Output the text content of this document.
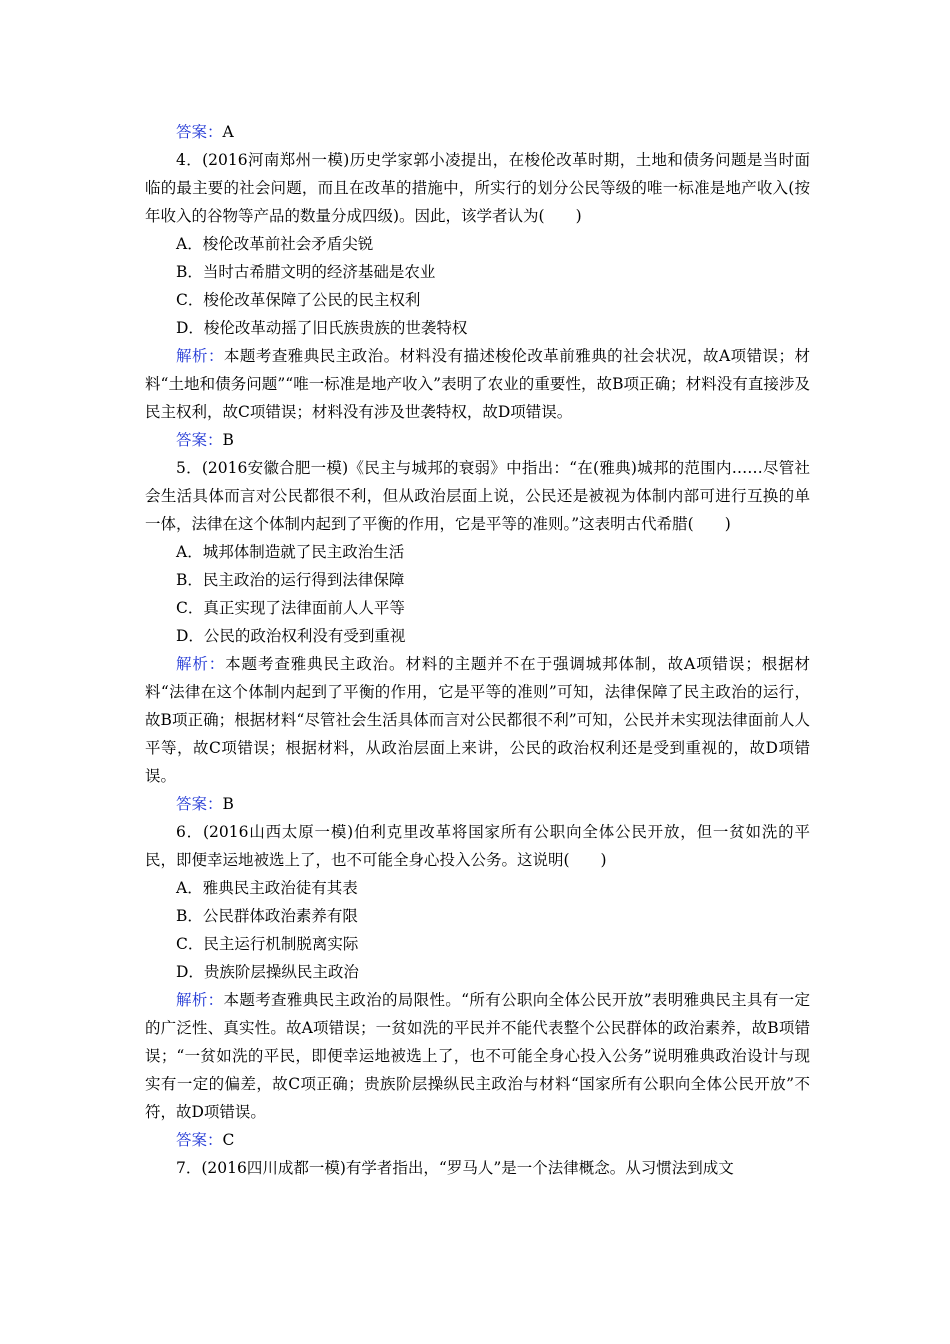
答案：A
4．(2016河南郑州一模)历史学家郭小凌提出，在梭伦改革时期，土地和债务问题是当时面临的最主要的社会问题，而且在改革的措施中，所实行的划分公民等级的唯一标准是地产收入(按年收入的谷物等产品的数量分成四级)。因此，该学者认为(　　)
A．梭伦改革前社会矛盾尖锐
B．当时古希腊文明的经济基础是农业
C．梭伦改革保障了公民的民主权利
D．梭伦改革动摇了旧氏族贵族的世袭特权
解析：本题考查雅典民主政治。材料没有描述梭伦改革前雅典的社会状况，故A项错误；材料“土地和债务问题”“唯一标准是地产收入”表明了农业的重要性，故B项正确；材料没有直接涉及民主权利，故C项错误；材料没有涉及世袭特权，故D项错误。
答案：B
5．(2016安徽合肥一模)《民主与城邦的衰弱》中指出：“在(雅典)城邦的范围内……尽管社会生活具体而言对公民都很不利，但从政治层面上说，公民还是被视为体制内部可进行互换的单一体，法律在这个体制内起到了平衡的作用，它是平等的准则。”这表明古代希腊(　　)
A．城邦体制造就了民主政治生活
B．民主政治的运行得到法律保障
C．真正实现了法律面前人人平等
D．公民的政治权利没有受到重视
解析：本题考查雅典民主政治。材料的主题并不在于强调城邦体制，故A项错误；根据材料“法律在这个体制内起到了平衡的作用，它是平等的准则”可知，法律保障了民主政治的运行，故B项正确；根据材料“尽管社会生活具体而言对公民都很不利”可知，公民并未实现法律面前人人平等，故C项错误；根据材料，从政治层面上来讲，公民的政治权利还是受到重视的，故D项错误。
答案：B
6．(2016山西太原一模)伯利克里改革将国家所有公职向全体公民开放，但一贫如洗的平民，即便幸运地被选上了，也不可能全身心投入公务。这说明(　　)
A．雅典民主政治徒有其表
B．公民群体政治素养有限
C．民主运行机制脱离实际
D．贵族阶层操纵民主政治
解析：本题考查雅典民主政治的局限性。“所有公职向全体公民开放”表明雅典民主具有一定的广泛性、真实性。故A项错误；一贫如洗的平民并不能代表整个公民群体的政治素养，故B项错误；“一贫如洗的平民，即便幸运地被选上了，也不可能全身心投入公务”说明雅典政治设计与现实有一定的偏差，故C项正确；贵族阶层操纵民主政治与材料“国家所有公职向全体公民开放”不符，故D项错误。
答案：C
7．(2016四川成都一模)有学者指出，“罗马人”是一个法律概念。从习惯法到成文
